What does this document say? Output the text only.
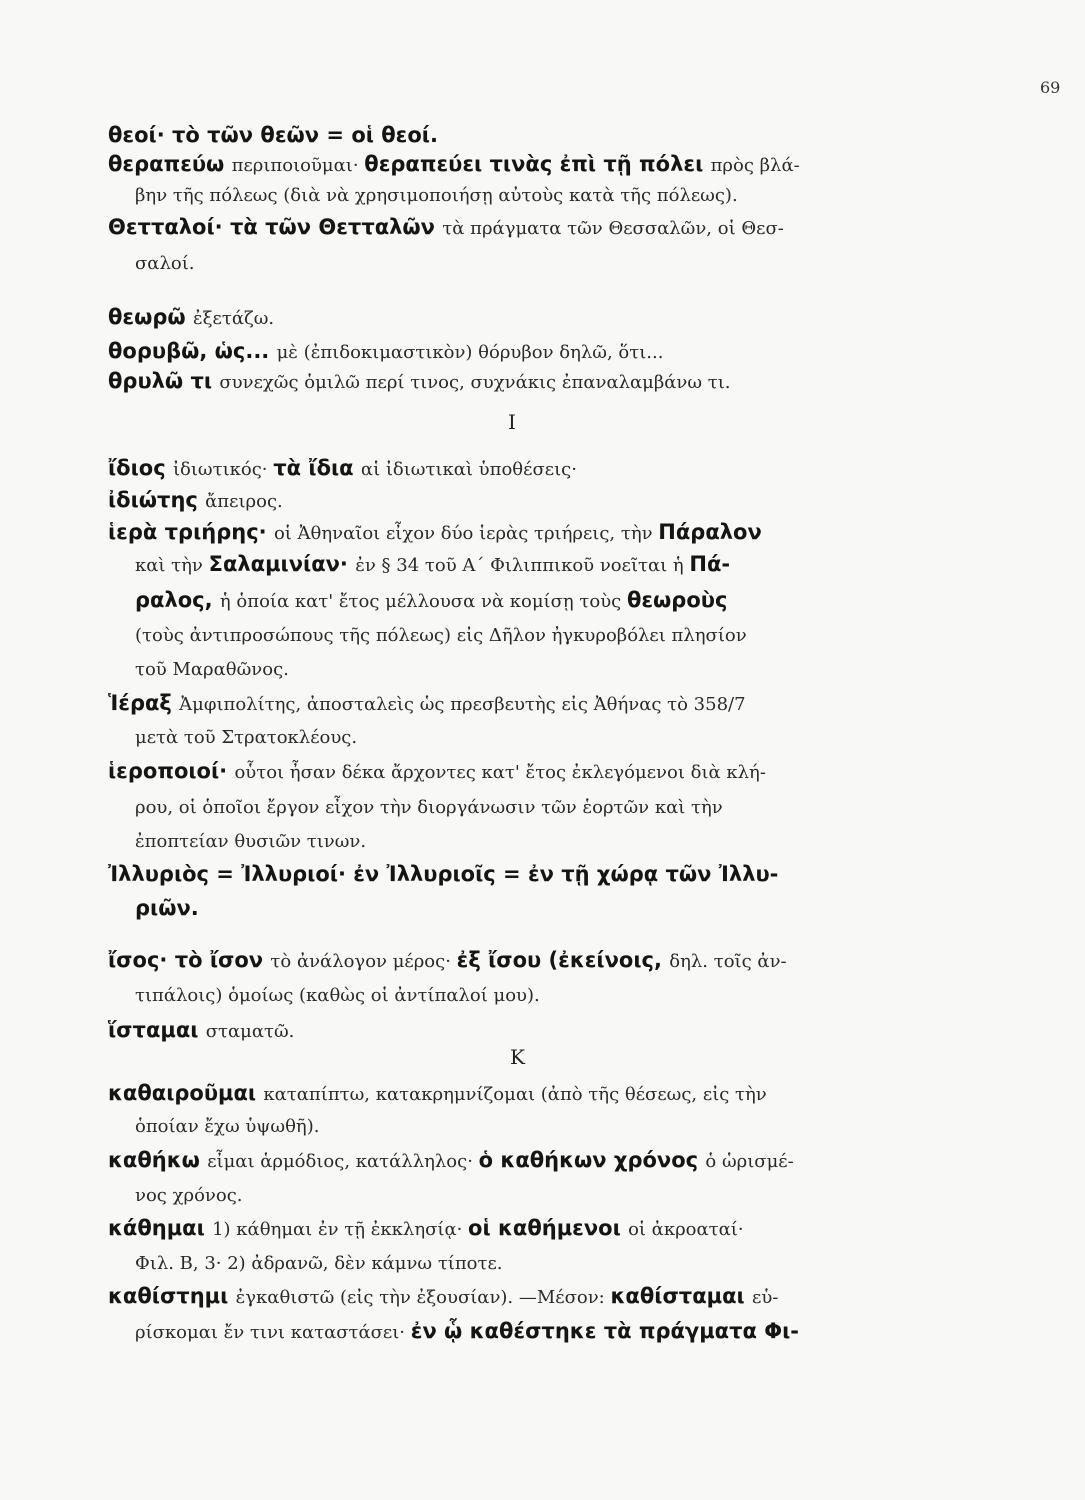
69
Ι
Κ
θεοί· τὸ τῶν θεῶν = οἱ θεοί.
θεραπεύω περιποιοῦμαι· θεραπεύει τινὰς ἐπὶ τῇ πόλει πρὸς βλά-
βην τῆς πόλεως (διὰ νὰ χρησιμοποιήσῃ αὐτοὺς κατὰ τῆς πόλεως).
Θετταλοί· τὰ τῶν Θετταλῶν τὰ πράγματα τῶν Θεσσαλῶν, οἱ Θεσ-
σαλοί.
θεωρῶ ἐξετάζω.
θορυβῶ, ὡς... μὲ (ἐπιδοκιμαστικὸν) θόρυβον δηλῶ, ὅτι...
θρυλῶ τι συνεχῶς ὁμιλῶ περί τινος, συχνάκις ἐπαναλαμβάνω τι.
ἴδιος ἰδιωτικός· τὰ ἴδια αἱ ἰδιωτικαὶ ὑποθέσεις·
ἰδιώτης ἄπειρος.
ἱερὰ τριήρης· οἱ Ἀθηναῖοι εἶχον δύο ἱερὰς τριήρεις, τὴν Πάραλον
καὶ τὴν Σαλαμινίαν· ἐν § 34 τοῦ Α΄ Φιλιππικοῦ νοεῖται ἡ Πά-
ραλος, ἡ ὁποία κατ' ἔτος μέλλουσα νὰ κομίσῃ τοὺς θεωροὺς
(τοὺς ἀντιπροσώπους τῆς πόλεως) εἰς Δῆλον ἠγκυροβόλει πλησίον
τοῦ Μαραθῶνος.
Ἱέραξ Ἀμφιπολίτης, ἀποσταλεὶς ὡς πρεσβευτὴς εἰς Ἀθήνας τὸ 358/7
μετὰ τοῦ Στρατοκλέους.
ἱεροποιοί· οὗτοι ἦσαν δέκα ἄρχοντες κατ' ἔτος ἐκλεγόμενοι διὰ κλή-
ρου, οἱ ὁποῖοι ἔργον εἶχον τὴν διοργάνωσιν τῶν ἑορτῶν καὶ τὴν
ἐποπτείαν θυσιῶν τινων.
Ἰλλυριὸς = Ἰλλυριοί· ἐν Ἰλλυριοῖς = ἐν τῇ χώρᾳ τῶν Ἰλλυ-
ριῶν.
ἴσος· τὸ ἴσον τὸ ἀνάλογον μέρος· ἐξ ἴσου (ἐκείνοις, δηλ. τοῖς ἀν-
τιπάλοις) ὁμοίως (καθὼς οἱ ἀντίπαλοί μου).
ἵσταμαι σταματῶ.
καθαιροῦμαι καταπίπτω, κατακρημνίζομαι (ἀπὸ τῆς θέσεως, εἰς τὴν
ὁποίαν ἔχω ὑψωθῆ).
καθήκω εἶμαι ἁρμόδιος, κατάλληλος· ὁ καθήκων χρόνος ὁ ὡρισμέ-
νος χρόνος.
κάθημαι 1) κάθημαι ἐν τῇ ἐκκλησίᾳ· οἱ καθήμενοι οἱ ἀκροαταί·
Φιλ. Β, 3· 2) ἀδρανῶ, δὲν κάμνω τίποτε.
καθίστημι ἐγκαθιστῶ (εἰς τὴν ἐξουσίαν). —Μέσον: καθίσταμαι εὑ-
ρίσκομαι ἔν τινι καταστάσει· ἐν ᾧ καθέστηκε τὰ πράγματα Φι-
